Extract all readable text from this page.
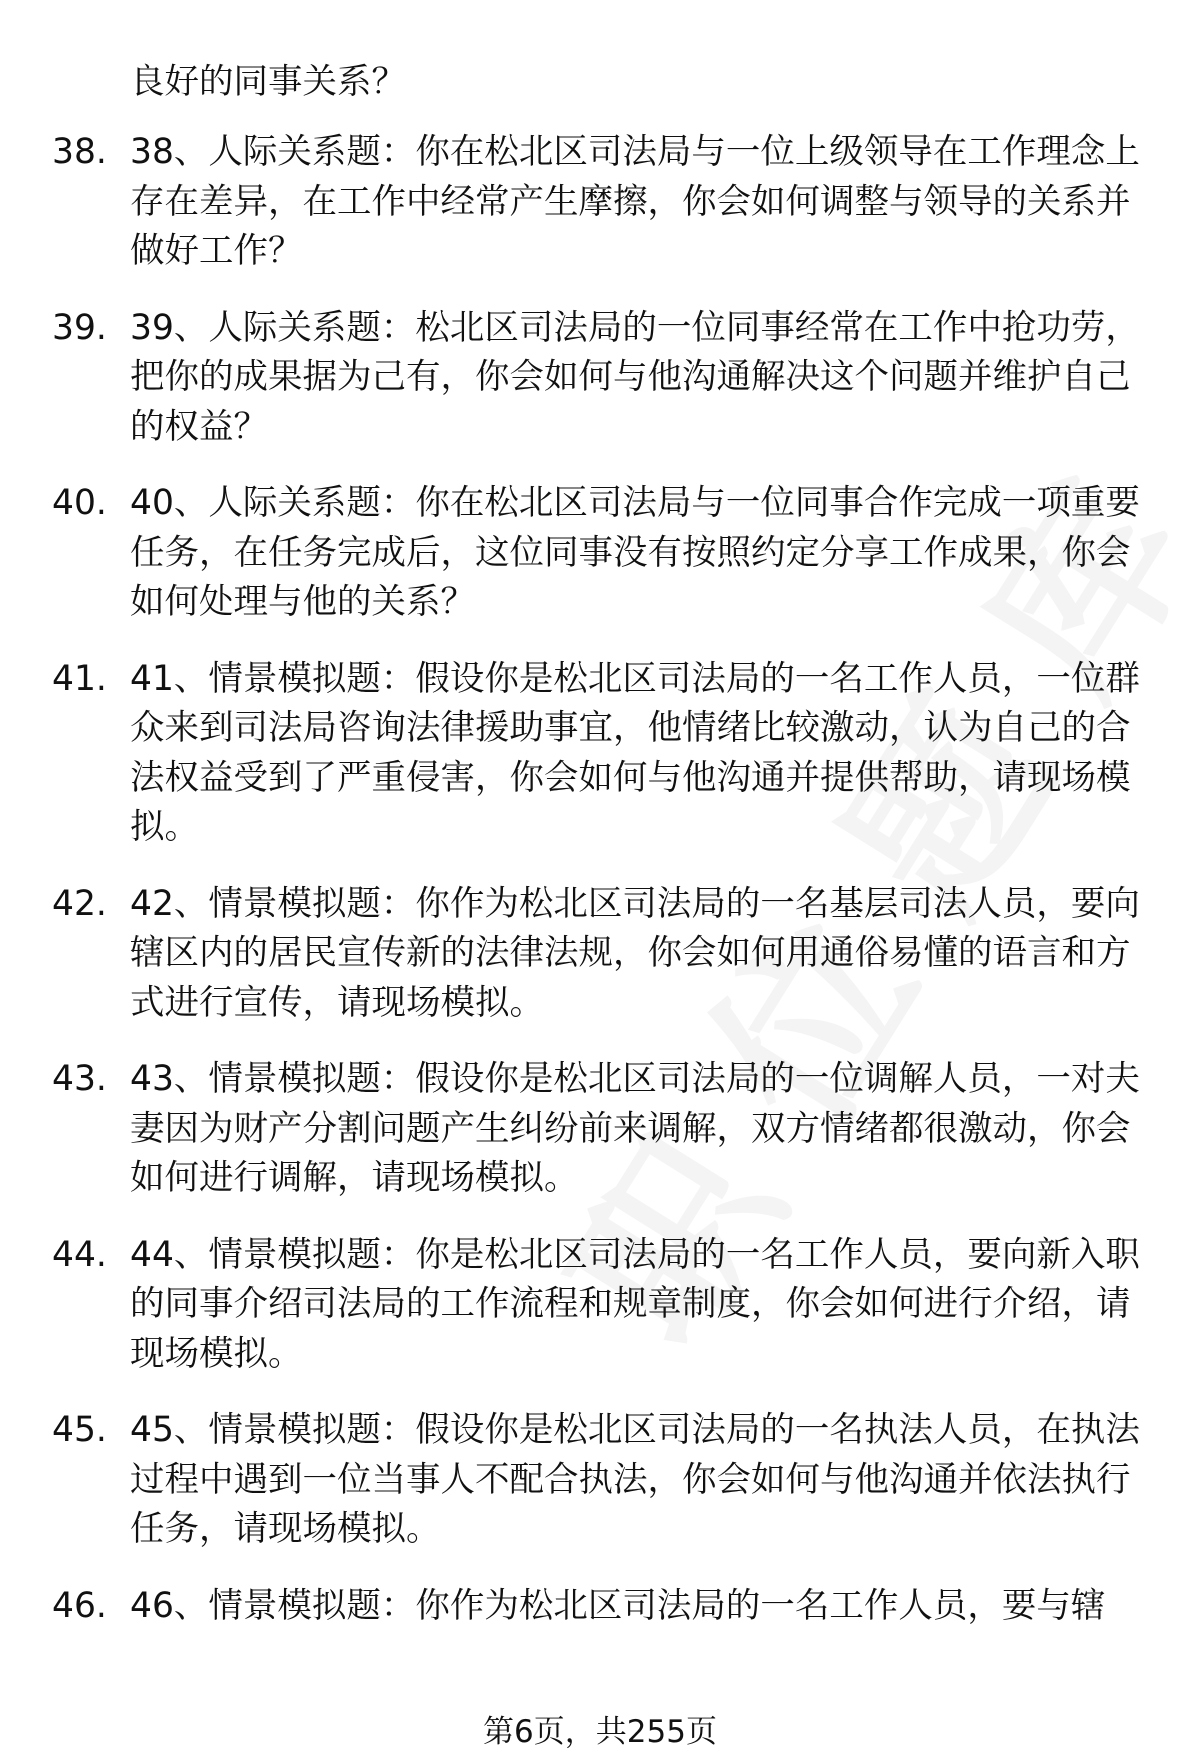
良好的同事关系？

38. 38、人际关系题：你在松北区司法局与一位上级领导在工作理念上存在差异，在工作中经常产生摩擦，你会如何调整与领导的关系并做好工作？
39. 39、人际关系题：松北区司法局的一位同事经常在工作中抢功劳，把你的成果据为己有，你会如何与他沟通解决这个问题并维护自己的权益？
40. 40、人际关系题：你在松北区司法局与一位同事合作完成一项重要任务，在任务完成后，这位同事没有按照约定分享工作成果，你会如何处理与他的关系？
41. 41、情景模拟题：假设你是松北区司法局的一名工作人员，一位群众来到司法局咨询法律援助事宜，他情绪比较激动，认为自己的合法权益受到了严重侵害，你会如何与他沟通并提供帮助，请现场模拟。
42. 42、情景模拟题：你作为松北区司法局的一名基层司法人员，要向辖区内的居民宣传新的法律法规，你会如何用通俗易懂的语言和方式进行宣传，请现场模拟。
43. 43、情景模拟题：假设你是松北区司法局的一位调解人员，一对夫妻因为财产分割问题产生纠纷前来调解，双方情绪都很激动，你会如何进行调解，请现场模拟。
44. 44、情景模拟题：你是松北区司法局的一名工作人员，要向新入职的同事介绍司法局的工作流程和规章制度，你会如何进行介绍，请现场模拟。
45. 45、情景模拟题：假设你是松北区司法局的一名执法人员，在执法过程中遇到一位当事人不配合执法，你会如何与他沟通并依法执行任务，请现场模拟。
46. 46、情景模拟题：你作为松北区司法局的一名工作人员，要与辖
第6页，共255页
